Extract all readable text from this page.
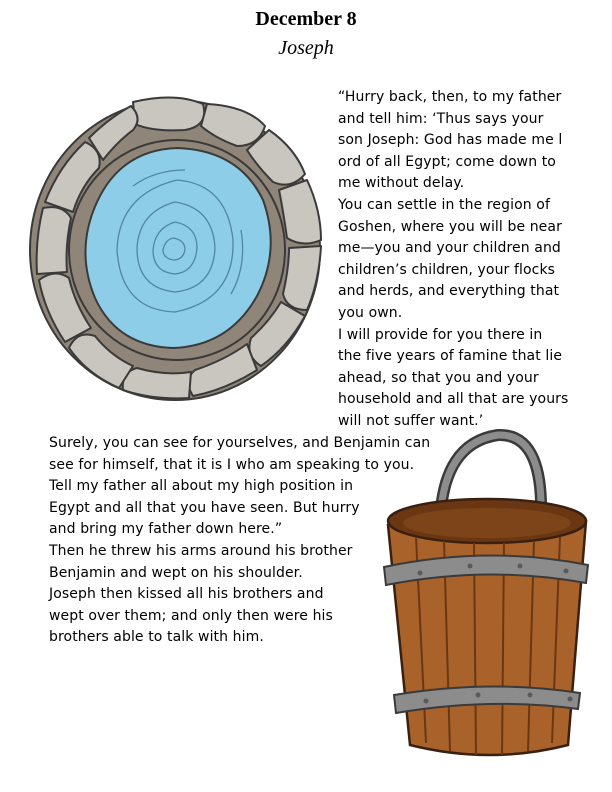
December 8
Joseph
“Hurry back, then, to my father
and tell him: ‘Thus says your
son Joseph: God has made me l
ord of all Egypt; come down to
me without delay.
You can settle in the region of
Goshen, where you will be near
me—you and your children and
children’s children, your flocks
and herds, and everything that
you own.
I will provide for you there in
the five years of famine that lie
ahead, so that you and your
household and all that are yours
will not suffer want.’
Surely, you can see for yourselves, and Benjamin can
see for himself, that it is I who am speaking to you.
Tell my father all about my high position in
Egypt and all that you have seen. But hurry
and bring my father down here.”
Then he threw his arms around his brother
Benjamin and wept on his shoulder.
Joseph then kissed all his brothers and
wept over them; and only then were his
brothers able to talk with him.
